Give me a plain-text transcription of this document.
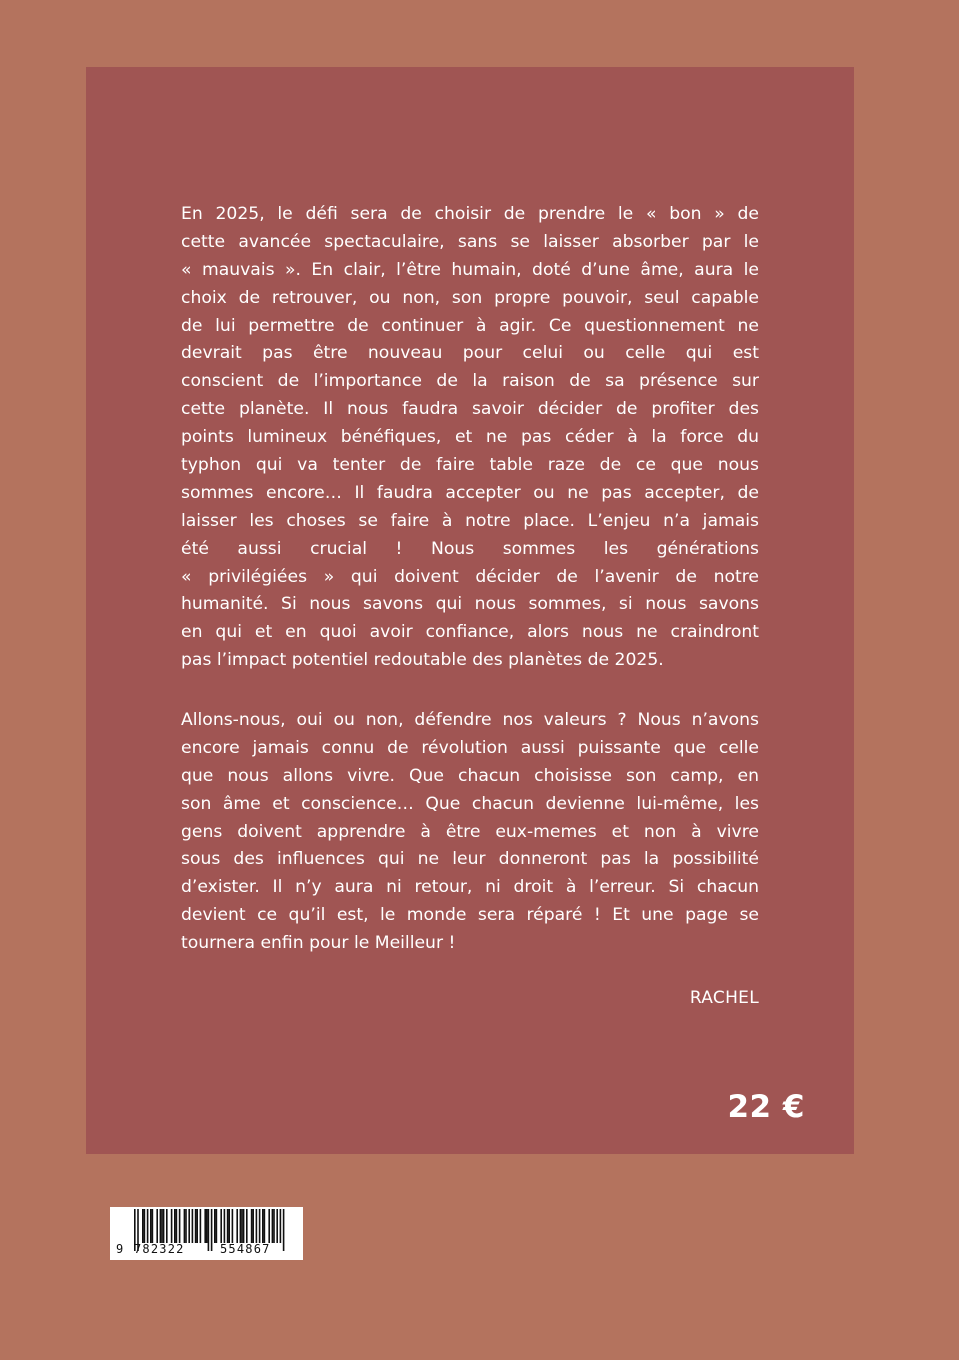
En 2025, le défi sera de choisir de prendre le « bon » de
cette avancée spectaculaire, sans se laisser absorber par le
« mauvais ». En clair, l’être humain, doté d’une âme, aura le
choix de retrouver, ou non, son propre pouvoir, seul capable
de lui permettre de continuer à agir. Ce questionnement ne
devrait pas être nouveau pour celui ou celle qui est
conscient de l’importance de la raison de sa présence sur
cette planète. Il nous faudra savoir décider de profiter des
points lumineux bénéfiques, et ne pas céder à la force du
typhon qui va tenter de faire table raze de ce que nous
sommes encore… Il faudra accepter ou ne pas accepter, de
laisser les choses se faire à notre place. L’enjeu n’a jamais
été aussi crucial ! Nous sommes les générations
« privilégiées » qui doivent décider de l’avenir de notre
humanité. Si nous savons qui nous sommes, si nous savons
en qui et en quoi avoir confiance, alors nous ne craindront
pas l’impact potentiel redoutable des planètes de 2025.
Allons-nous, oui ou non, défendre nos valeurs ? Nous n’avons
encore jamais connu de révolution aussi puissante que celle
que nous allons vivre. Que chacun choisisse son camp, en
son âme et conscience… Que chacun devienne lui-même, les
gens doivent apprendre à être eux-memes et non à vivre
sous des influences qui ne leur donneront pas la possibilité
d’exister. Il n’y aura ni retour, ni droit à l’erreur. Si chacun
devient ce qu’il est, le monde sera réparé ! Et une page se
tournera enfin pour le Meilleur !
RACHEL
22 €
9 782322	554867
